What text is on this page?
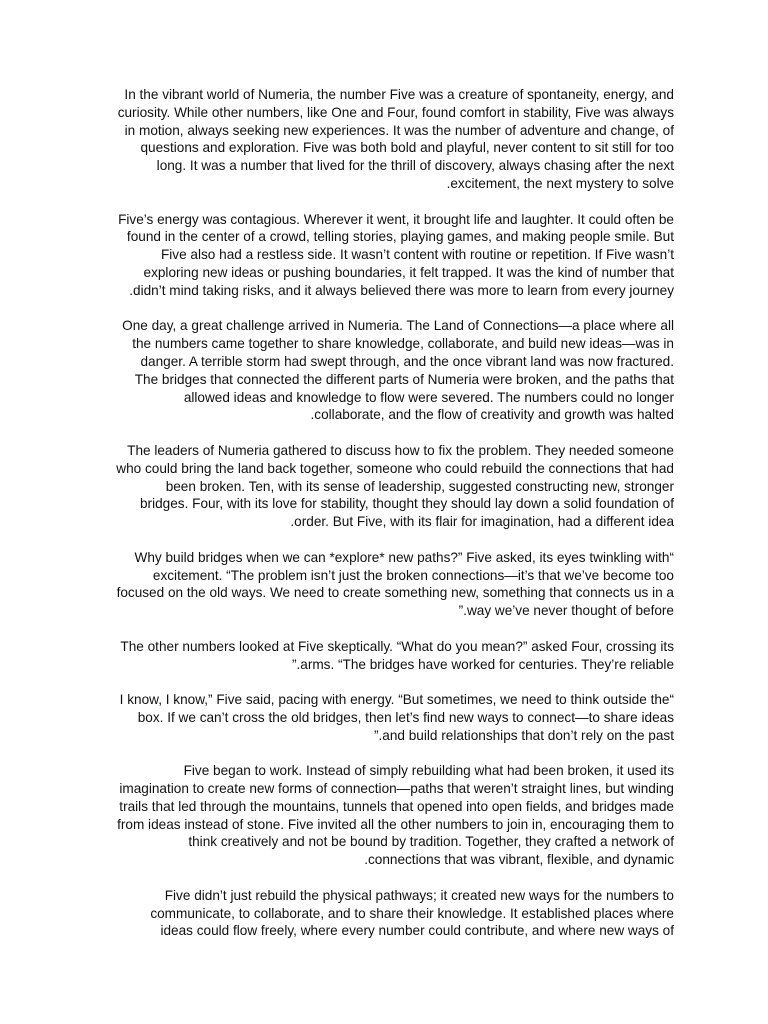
In the vibrant world of Numeria, the number Five was a creature of spontaneity, energy, and
curiosity. While other numbers, like One and Four, found comfort in stability, Five was always
in motion, always seeking new experiences. It was the number of adventure and change, of
questions and exploration. Five was both bold and playful, never content to sit still for too
long. It was a number that lived for the thrill of discovery, always chasing after the next
.excitement, the next mystery to solve
Five’s energy was contagious. Wherever it went, it brought life and laughter. It could often be
found in the center of a crowd, telling stories, playing games, and making people smile. But
Five also had a restless side. It wasn’t content with routine or repetition. If Five wasn’t
exploring new ideas or pushing boundaries, it felt trapped. It was the kind of number that
.didn’t mind taking risks, and it always believed there was more to learn from every journey
One day, a great challenge arrived in Numeria. The Land of Connections—a place where all
the numbers came together to share knowledge, collaborate, and build new ideas—was in
danger. A terrible storm had swept through, and the once vibrant land was now fractured.
The bridges that connected the different parts of Numeria were broken, and the paths that
allowed ideas and knowledge to flow were severed. The numbers could no longer
.collaborate, and the flow of creativity and growth was halted
The leaders of Numeria gathered to discuss how to fix the problem. They needed someone
who could bring the land back together, someone who could rebuild the connections that had
been broken. Ten, with its sense of leadership, suggested constructing new, stronger
bridges. Four, with its love for stability, thought they should lay down a solid foundation of
.order. But Five, with its flair for imagination, had a different idea
Why build bridges when we can *explore* new paths?” Five asked, its eyes twinkling with“
excitement. “The problem isn’t just the broken connections—it’s that we’ve become too
focused on the old ways. We need to create something new, something that connects us in a
”.way we’ve never thought of before
The other numbers looked at Five skeptically. “What do you mean?” asked Four, crossing its
”.arms. “The bridges have worked for centuries. They’re reliable
I know, I know,” Five said, pacing with energy. “But sometimes, we need to think outside the“
box. If we can’t cross the old bridges, then let’s find new ways to connect—to share ideas
”.and build relationships that don’t rely on the past
Five began to work. Instead of simply rebuilding what had been broken, it used its
imagination to create new forms of connection—paths that weren’t straight lines, but winding
trails that led through the mountains, tunnels that opened into open fields, and bridges made
from ideas instead of stone. Five invited all the other numbers to join in, encouraging them to
think creatively and not be bound by tradition. Together, they crafted a network of
.connections that was vibrant, flexible, and dynamic
Five didn’t just rebuild the physical pathways; it created new ways for the numbers to
communicate, to collaborate, and to share their knowledge. It established places where
ideas could flow freely, where every number could contribute, and where new ways of
